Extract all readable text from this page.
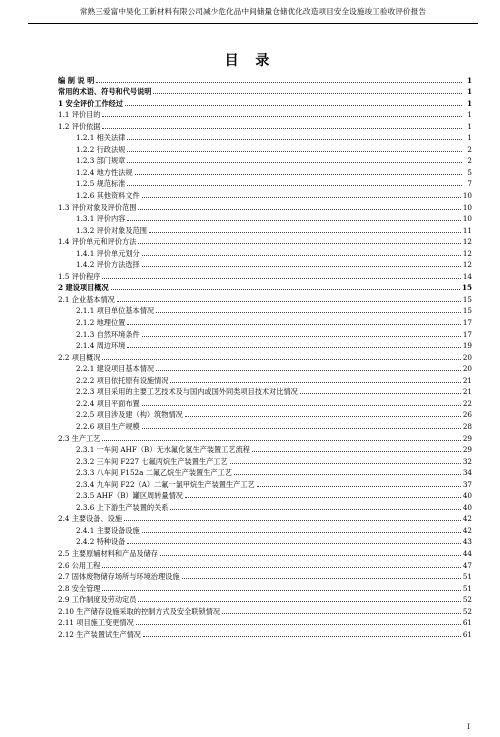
常熟三爱富中昊化工新材料有限公司减少危化品中间储量仓储优化改造项目安全设施竣工验收评价报告
目 录
编 制 说 明	1
常用的术语、符号和代号说明	1
1 安全评价工作经过	1
1.1 评价目的	1
1.2 评价依据	1
1.2.1 相关法律	1
1.2.2 行政法规	2
1.2.3 部门规章	2
1.2.4 地方性法规	5
1.2.5 规范标准	7
1.2.6 其他资料文件	10
1.3 评价对象及评价范围	10
1.3.1 评价内容	10
1.3.2 评价对象及范围	11
1.4 评价单元和评价方法	12
1.4.1 评价单元划分	12
1.4.2 评价方法选择	12
1.5 评价程序	14
2 建设项目概况	15
2.1 企业基本情况	15
2.1.1 项目单位基本情况	15
2.1.2 地理位置	17
2.1.3 自然环境条件	17
2.1.4 周边环境	19
2.2 项目概况	20
2.2.1 建设项目基本情况	20
2.2.2 项目依托原有设施情况	21
2.2.3 项目采用的主要工艺技术及与国内或国外同类项目技术对比情况	21
2.2.4 项目平面布置	22
2.2.5 项目涉及建（构）筑物情况	26
2.2.6 项目生产规模	28
2.3 生产工艺	29
2.3.1 一车间 AHF（B）无水氟化氢生产装置工艺流程	29
2.3.2 三车间 F227 七氟丙烷生产装置生产工艺	32
2.3.3 八车间 F152a 二氟乙烷生产装置生产工艺	34
2.3.4 九车间 F22（A）二氟一氯甲烷生产装置生产工艺	37
2.3.5 AHF（B）罐区周转量情况	40
2.3.6 上下游生产装置的关系	40
2.4 主要设备、设施	42
2.4.1 主要设备设施	42
2.4.2 特种设备	43
2.5 主要原辅材料和产品及储存	44
2.6 公用工程	47
2.7 固体废物储存场所与环境治理设施	51
2.8 安全管理	51
2.9 工作制度及劳动定员	52
2.10 生产储存设施采取的控制方式及安全联锁情况	52
2.11 项目施工变更情况	61
2.12 生产装置试生产情况	61
I
